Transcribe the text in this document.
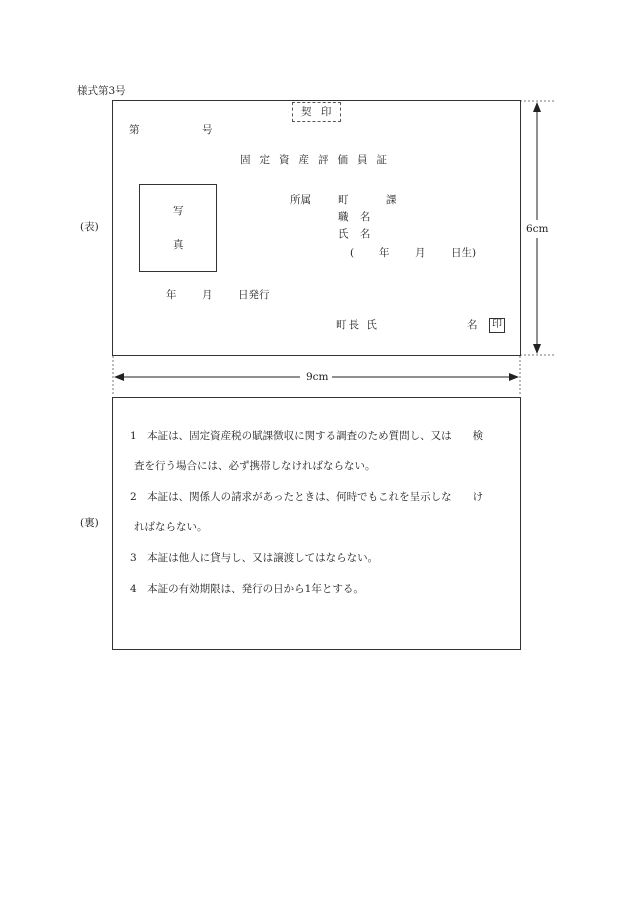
様式第3号
6cm
9cm
(表)
契 印
第	号
固定資産評価員証
写
真
所属	町	課
職 名
氏 名
( 年 月 日生)
年 月 日発行
町長 氏	名	印
(裏)
1　本証は、固定資産税の賦課徴収に関する調査のため質問し、又は　　検
査を行う場合には、必ず携帯しなければならない。
2　本証は、関係人の請求があったときは、何時でもこれを呈示しな　　け
ればならない。
3　本証は他人に貸与し、又は譲渡してはならない。
4　本証の有効期限は、発行の日から1年とする。
